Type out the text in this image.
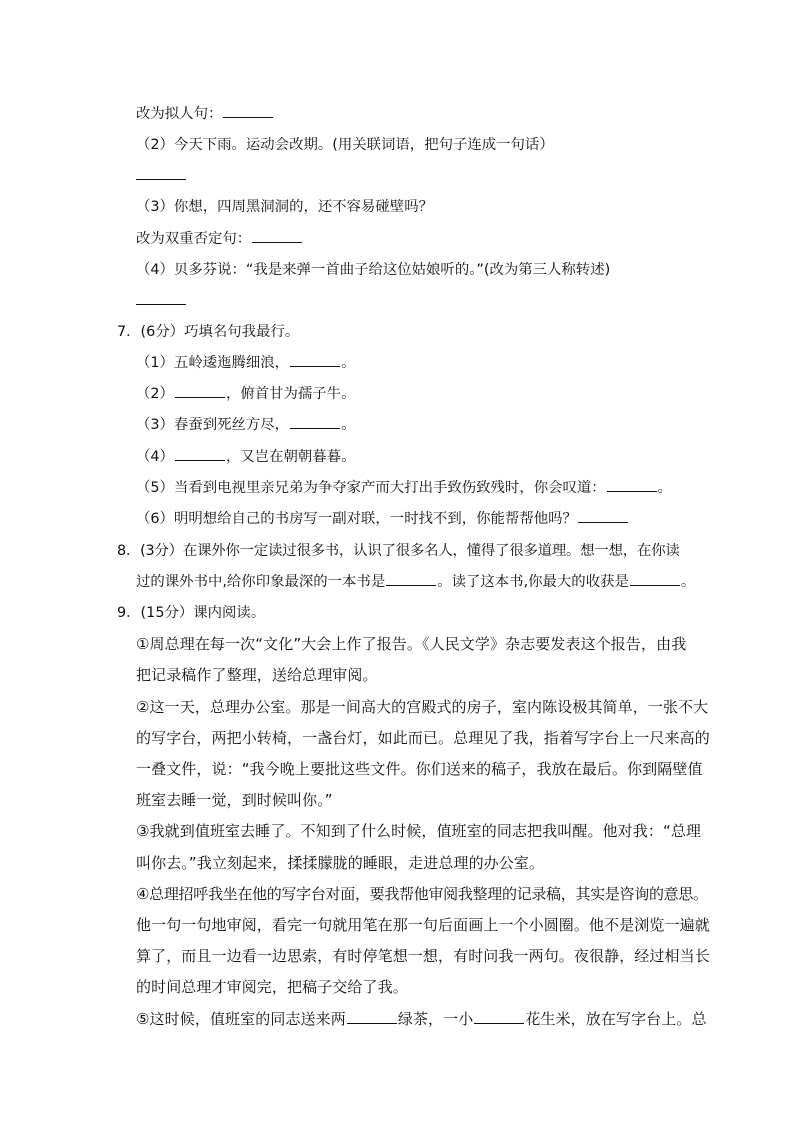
改为拟人句：
（2）今天下雨。运动会改期。(用关联词语，把句子连成一句话）
（3）你想，四周黑洞洞的，还不容易碰壁吗？
改为双重否定句：
（4）贝多芬说：“我是来弹一首曲子给这位姑娘听的。”(改为第三人称转述)
7．(6分）巧填名句我最行。
（1）五岭逶迤腾细浪，	。
（2）	，俯首甘为孺子牛。
（3）春蚕到死丝方尽，	。
（4）	，又岂在朝朝暮暮。
（5）当看到电视里亲兄弟为争夺家产而大打出手致伤致残时，你会叹道：	。
（6）明明想给自己的书房写一副对联，一时找不到，你能帮帮他吗？
8．(3分）在课外你一定读过很多书，认识了很多名人，懂得了很多道理。想一想，在你读
过的课外书中,给你印象最深的一本书是	。读了这本书,你最大的收获是	。
9．(15分）课内阅读。
①周总理在每一次“文化”大会上作了报告。《人民文学》杂志要发表这个报告，由我
把记录稿作了整理，送给总理审阅。
②这一天，总理办公室。那是一间高大的宫殿式的房子，室内陈设极其简单，一张不大
的写字台，两把小转椅，一盏台灯，如此而已。总理见了我，指着写字台上一尺来高的
一叠文件，说：“我今晚上要批这些文件。你们送来的稿子，我放在最后。你到隔壁值
班室去睡一觉，到时候叫你。”
③我就到值班室去睡了。不知到了什么时候，值班室的同志把我叫醒。他对我：“总理
叫你去。”我立刻起来，揉揉朦胧的睡眼，走进总理的办公室。
④总理招呼我坐在他的写字台对面，要我帮他审阅我整理的记录稿，其实是咨询的意思。
他一句一句地审阅，看完一句就用笔在那一句后面画上一个小圆圈。他不是浏览一遍就
算了，而且一边看一边思索，有时停笔想一想，有时问我一两句。夜很静，经过相当长
的时间总理才审阅完，把稿子交给了我。
⑤这时候，值班室的同志送来两	绿茶，一小	花生米，放在写字台上。总
